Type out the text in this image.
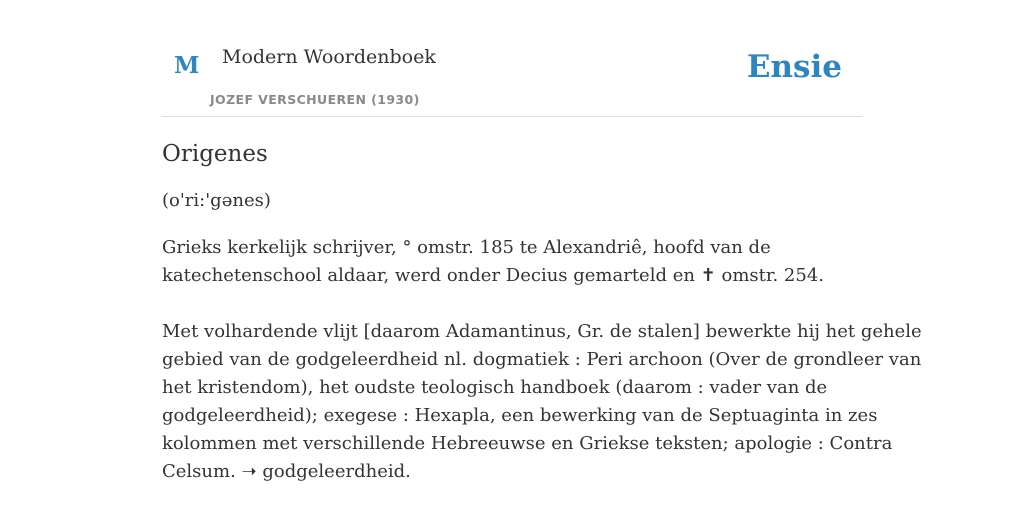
M Modern Woordenboek
JOZEF VERSCHUEREN (1930)
Ensie
Origenes

(o'ri:'gənes)

Grieks kerkelijk schrijver, ° omstr. 185 te Alexandriê, hoofd van de
katechetenschool aldaar, werd onder Decius gemarteld en ✝ omstr. 254.

Met volhardende vlijt [daarom Adamantinus, Gr. de stalen] bewerkte hij het gehele
gebied van de godgeleerdheid nl. dogmatiek : Peri archoon (Over de grondleer van
het kristendom), het oudste teologisch handboek (daarom : vader van de
godgeleerdheid); exegese : Hexapla, een bewerking van de Septuaginta in zes
kolommen met verschillende Hebreeuwse en Griekse teksten; apologie : Contra
Celsum. ➝ godgeleerdheid.
